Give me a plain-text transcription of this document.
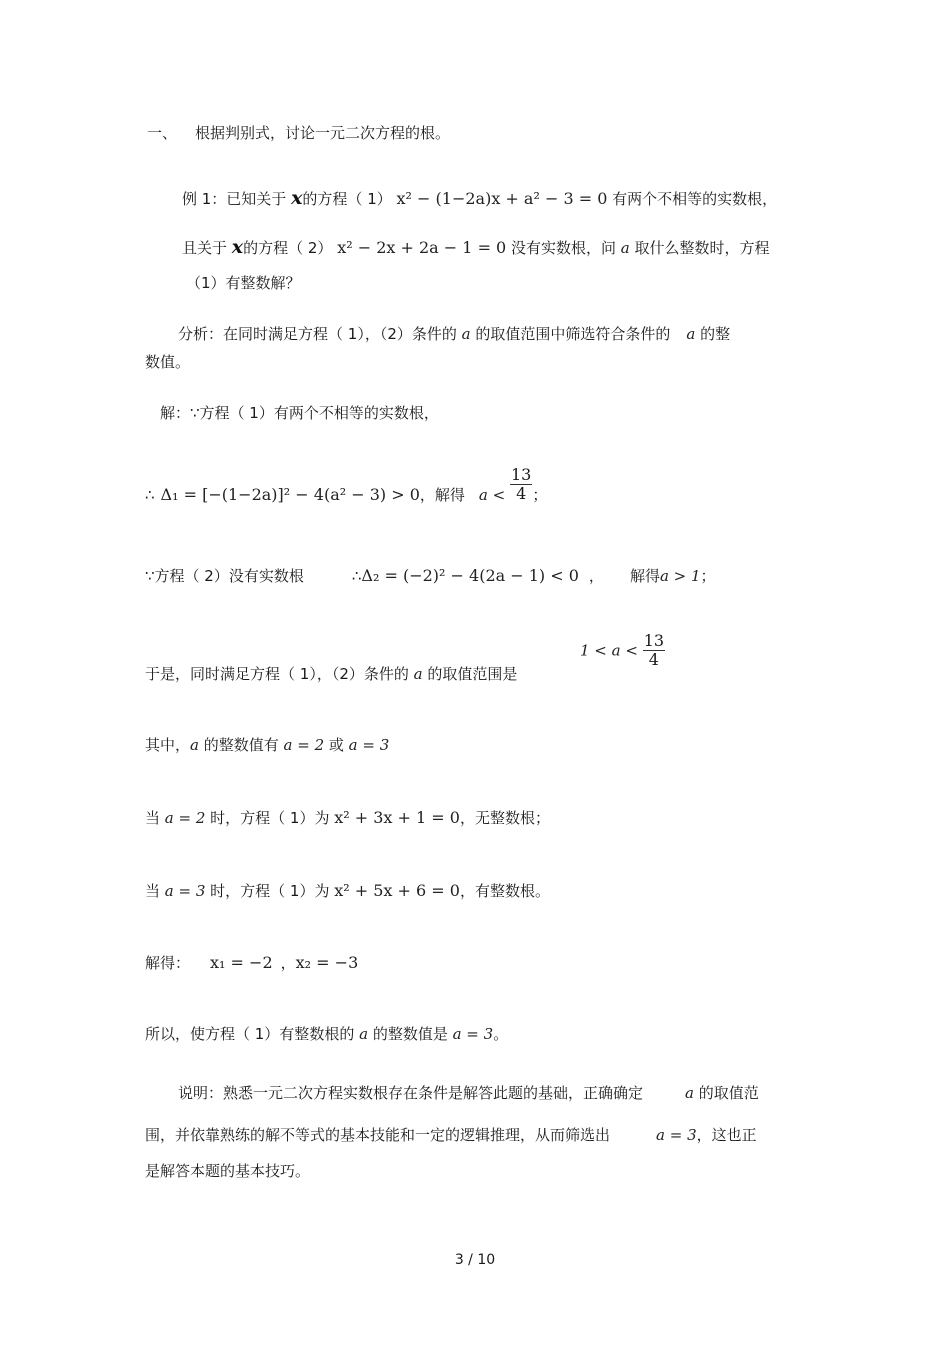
一、 根据判别式，讨论一元二次方程的根。
例 1：已知关于 x的方程（ 1） x² − (1−2a)x + a² − 3 = 0 有两个不相等的实数根，
且关于 x的方程（ 2） x² − 2x + 2a − 1 = 0 没有实数根，问 a 取什么整数时，方程
（1）有整数解？
分析：在同时满足方程（ 1），（2）条件的 a 的取值范围中筛选符合条件的 a 的整
数值。
解：∵方程（ 1）有两个不相等的实数根，
∴ Δ₁ = [−(1−2a)]² − 4(a² − 3) > 0，解得 $a < \frac{13}{4}$ ；
∵方程（ 2）没有实数根	∴Δ₂ = (−2)² − 4(2a − 1) < 0 ， 解得a > 1；
于是，同时满足方程（ 1），（2）条件的 a 的取值范围是
$1 < a < \frac{13}{4}$
其中，a 的整数值有 a = 2 或 a = 3
当 a = 2 时，方程（ 1）为 x² + 3x + 1 = 0，无整数根；
当 a = 3 时，方程（ 1）为 x² + 5x + 6 = 0，有整数根。
解得： x₁ = −2 ，x₂ = −3
所以，使方程（ 1）有整数根的 a 的整数值是 a = 3。
说明：熟悉一元二次方程实数根存在条件是解答此题的基础，正确确定	a 的取值范
围，并依靠熟练的解不等式的基本技能和一定的逻辑推理，从而筛选出	a = 3，这也正
是解答本题的基本技巧。
3 / 10
